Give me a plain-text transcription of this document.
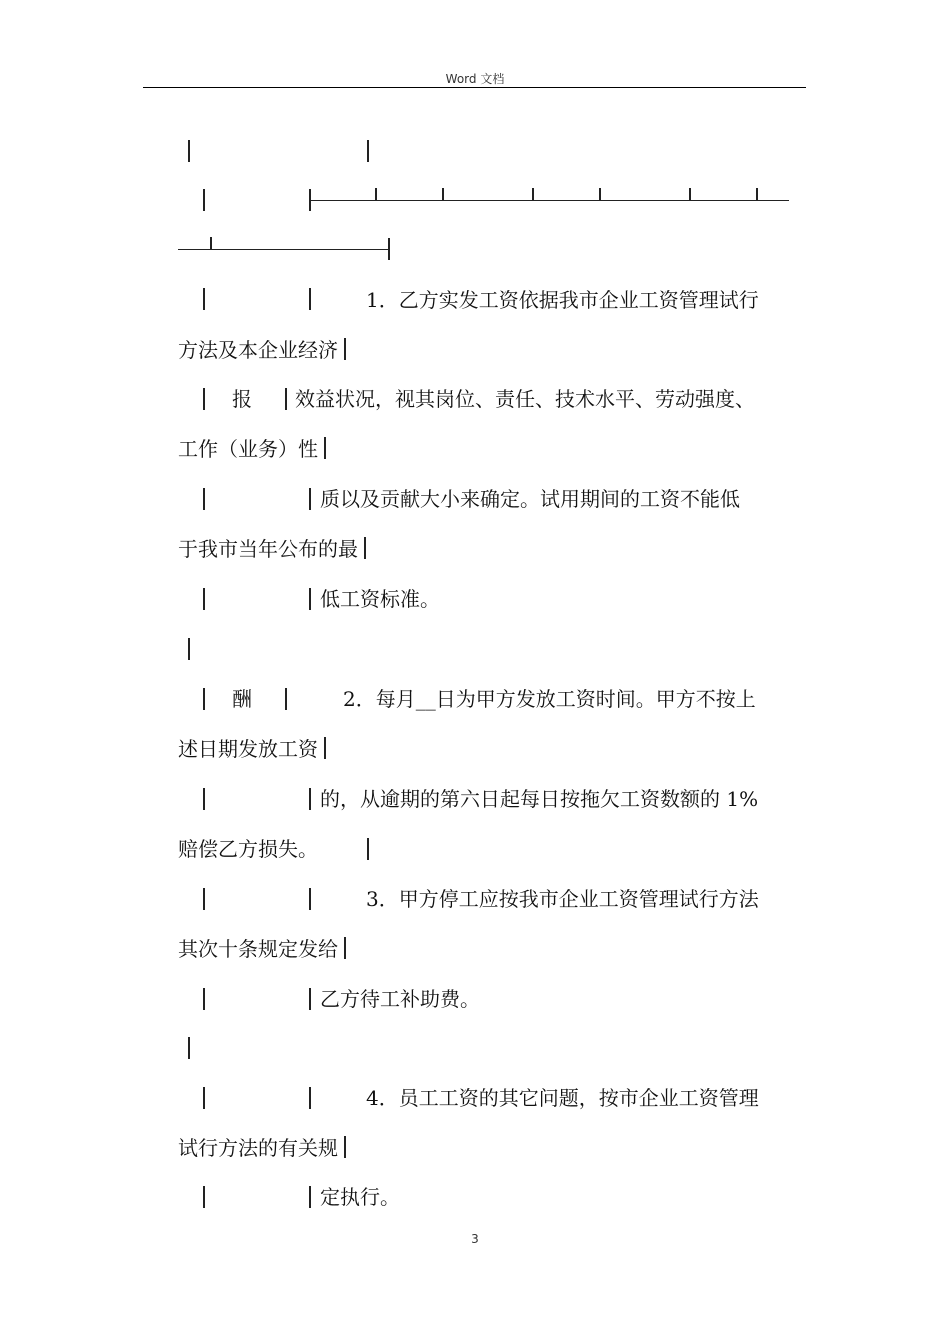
Word 文档
1．乙方实发工资依据我市企业工资管理试行
方法及本企业经济
报 效益状况，视其岗位、责任、技术水平、劳动强度、
工作（业务）性
质以及贡献大小来确定。试用期间的工资不能低
于我市当年公布的最
低工资标准。
酬	2．每月__日为甲方发放工资时间。甲方不按上
述日期发放工资
的，从逾期的第六日起每日按拖欠工资数额的 1%
赔偿乙方损失。
3．甲方停工应按我市企业工资管理试行方法
其次十条规定发给
乙方待工补助费。
4．员工工资的其它问题，按市企业工资管理
试行方法的有关规
定执行。
3
